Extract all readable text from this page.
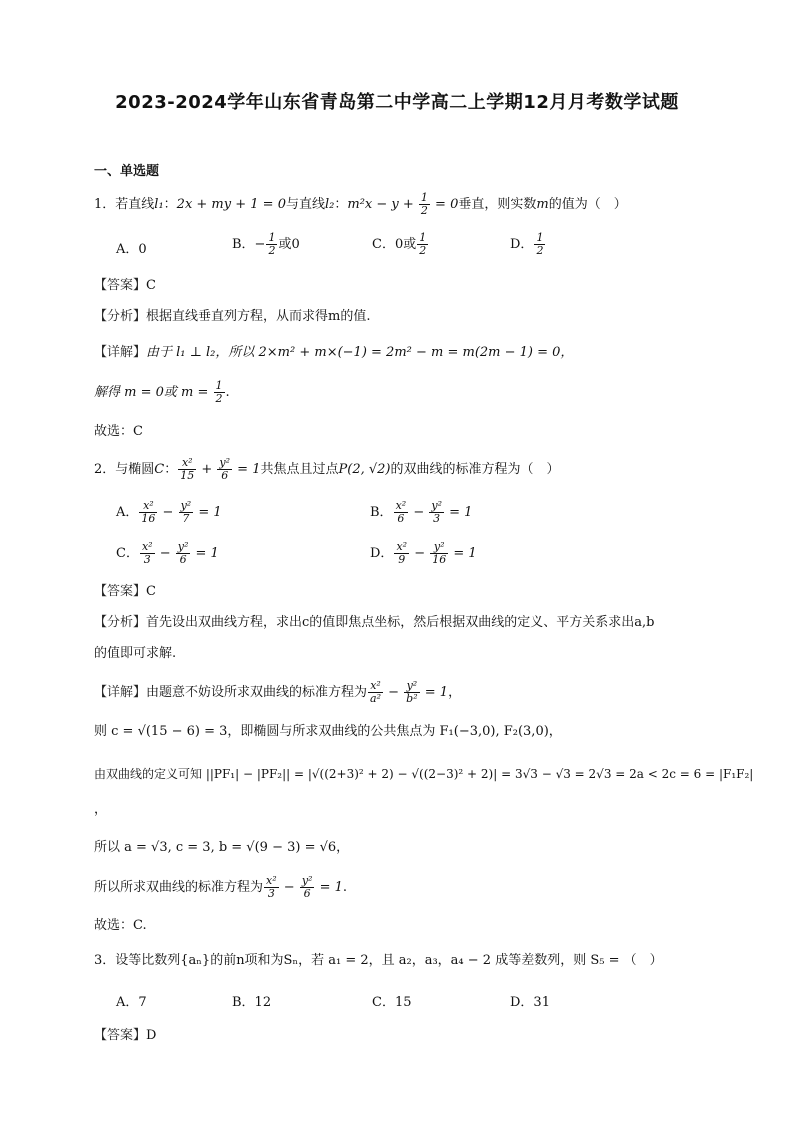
2023-2024学年山东省青岛第二中学高二上学期12月月考数学试题
一、单选题
1．若直线l₁：2x + my + 1 = 0与直线l₂：$m^2x - y + \frac{1}{2} = 0$垂直，则实数m的值为（　）
A．0	B．− $\frac{1}{2}$ 或0	C．0或 $\frac{1}{2}$	D． $\frac{1}{2}$
【答案】C
【分析】根据直线垂直列方程，从而求得m的值.
【详解】由于 l₁ ⊥ l₂，所以 2×m² + m×(−1) = 2m² − m = m(2m − 1) = 0，
解得 m = 0或 $m = \frac{1}{2}$ .
故选：C
2．与椭圆C： $\frac{\text{x²}}{15} + \frac{\text{y²}}{6} = 1$共焦点且过点P(2, √2)的双曲线的标准方程为（　）
A． $\frac{\text{x²}}{16} - \frac{\text{y²}}{7} = 1$	B． $\frac{\text{x²}}{6} - \frac{\text{y²}}{3} = 1$
C． $\frac{\text{x²}}{3} - \frac{\text{y²}}{6} = 1$	D． $\frac{\text{x²}}{9} - \frac{\text{y²}}{16} = 1$
【答案】C
【分析】首先设出双曲线方程，求出c的值即焦点坐标，然后根据双曲线的定义、平方关系求出a,b
的值即可求解.
【详解】由题意不妨设所求双曲线的标准方程为 $\frac{\text{x²}}{\text{a²}} - \frac{\text{y²}}{\text{b²}} = 1$，
则 c = √(15 − 6) = 3，即椭圆与所求双曲线的公共焦点为 F₁(−3,0), F₂(3,0)，
由双曲线的定义可知 ||PF₁| − |PF₂|| = |√((2+3)² + 2) − √((2−3)² + 2)| = 3√3 − √3 = 2√3 = 2a < 2c = 6 = |F₁F₂|
，
所以 a = √3, c = 3, b = √(9 − 3) = √6，
所以所求双曲线的标准方程为 $\frac{\text{x²}}{3} - \frac{\text{y²}}{6} = 1$.
故选：C.
3．设等比数列{aₙ}的前n项和为Sₙ，若 a₁ = 2，且 a₂，a₃，a₄ − 2 成等差数列，则 S₅ = （　）
A．7	B．12	C．15	D．31
【答案】D
